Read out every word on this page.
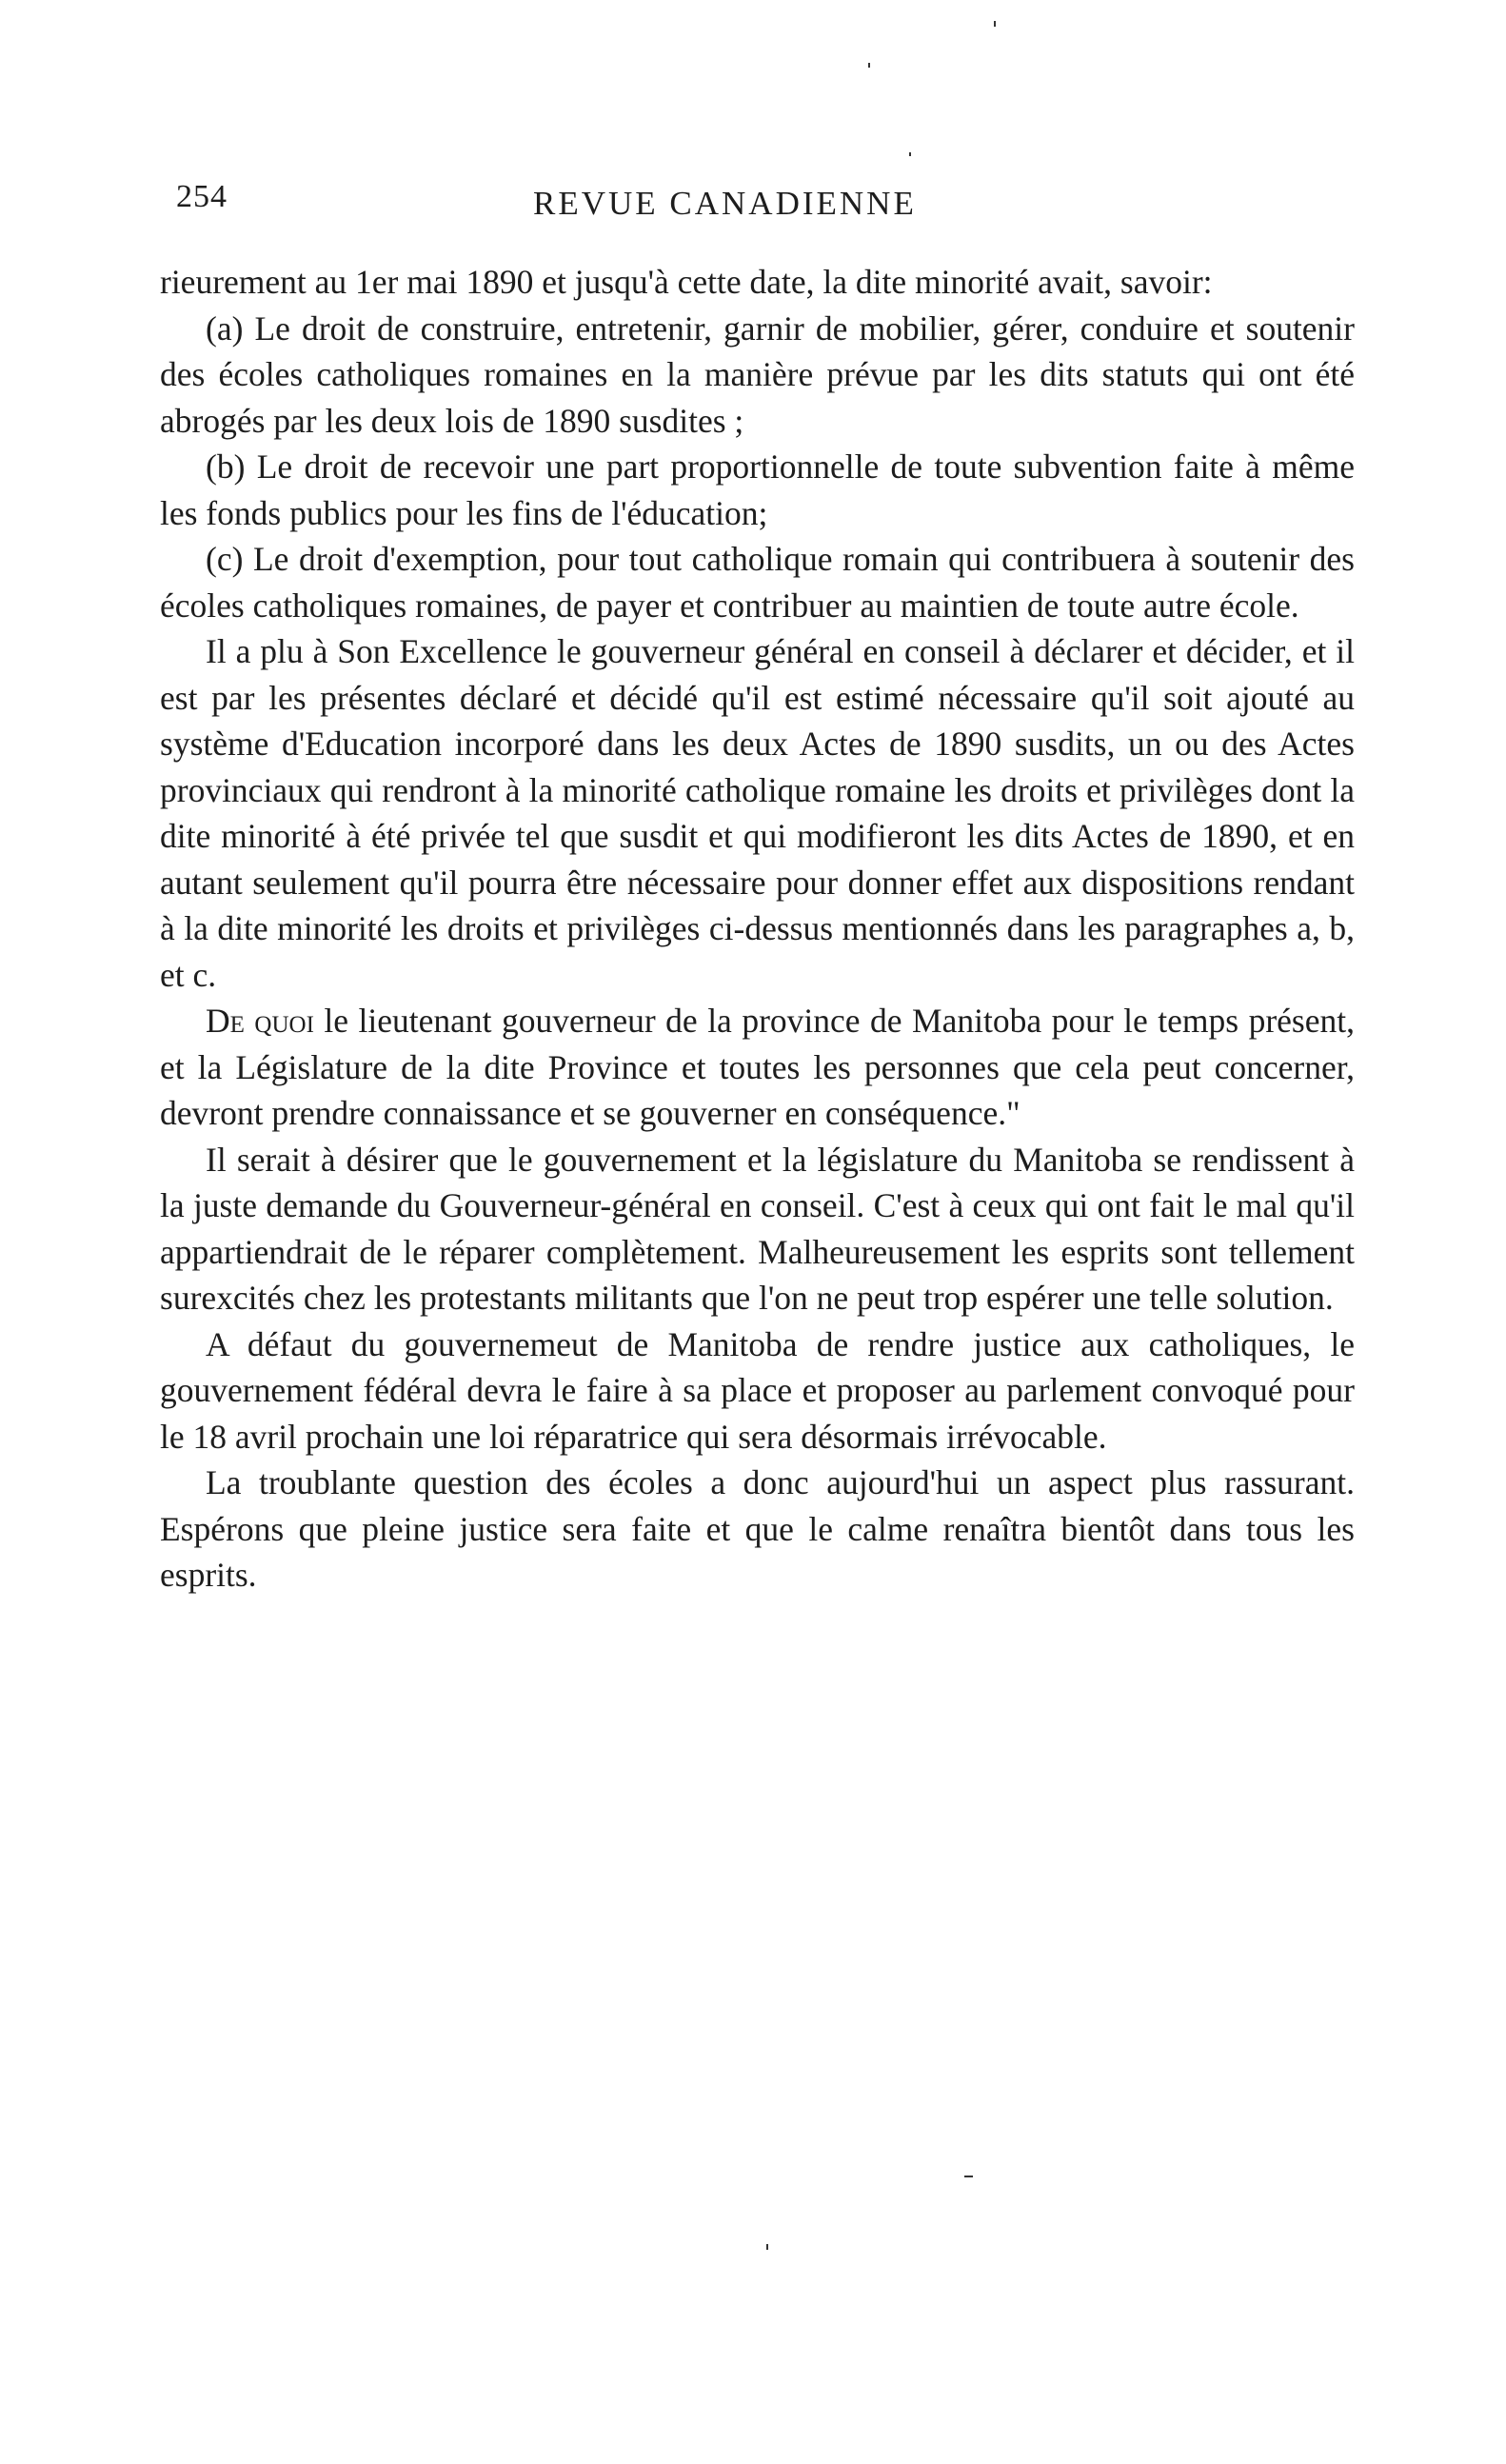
254	REVUE CANADIENNE

rieurement au 1er mai 1890 et jusqu'à cette date, la dite minorité avait, savoir:

(a) Le droit de construire, entretenir, garnir de mobilier, gérer, conduire et soutenir des écoles catholiques romaines en la manière prévue par les dits statuts qui ont été abrogés par les deux lois de 1890 susdites ;

(b) Le droit de recevoir une part proportionnelle de toute subvention faite à même les fonds publics pour les fins de l'éducation;

(c) Le droit d'exemption, pour tout catholique romain qui contribuera à soutenir des écoles catholiques romaines, de payer et contribuer au maintien de toute autre école.

Il a plu à Son Excellence le gouverneur général en conseil à déclarer et décider, et il est par les présentes déclaré et décidé qu'il est estimé nécessaire qu'il soit ajouté au système d'Education incorporé dans les deux Actes de 1890 susdits, un ou des Actes provinciaux qui rendront à la minorité catholique romaine les droits et privilèges dont la dite minorité à été privée tel que susdit et qui modifieront les dits Actes de 1890, et en autant seulement qu'il pourra être nécessaire pour donner effet aux dispositions rendant à la dite minorité les droits et privilèges ci-dessus mentionnés dans les paragraphes a, b, et c.

De quoi le lieutenant gouverneur de la province de Manitoba pour le temps présent, et la Législature de la dite Province et toutes les personnes que cela peut concerner, devront prendre connaissance et se gouverner en conséquence."

Il serait à désirer que le gouvernement et la législature du Manitoba se rendissent à la juste demande du Gouverneur-général en conseil. C'est à ceux qui ont fait le mal qu'il appartiendrait de le réparer complètement. Malheureusement les esprits sont tellement surexcités chez les protestants militants que l'on ne peut trop espérer une telle solution.

A défaut du gouvernemeut de Manitoba de rendre justice aux catholiques, le gouvernement fédéral devra le faire à sa place et proposer au parlement convoqué pour le 18 avril prochain une loi réparatrice qui sera désormais irrévocable.

La troublante question des écoles a donc aujourd'hui un aspect plus rassurant. Espérons que pleine justice sera faite et que le calme renaîtra bientôt dans tous les esprits.
